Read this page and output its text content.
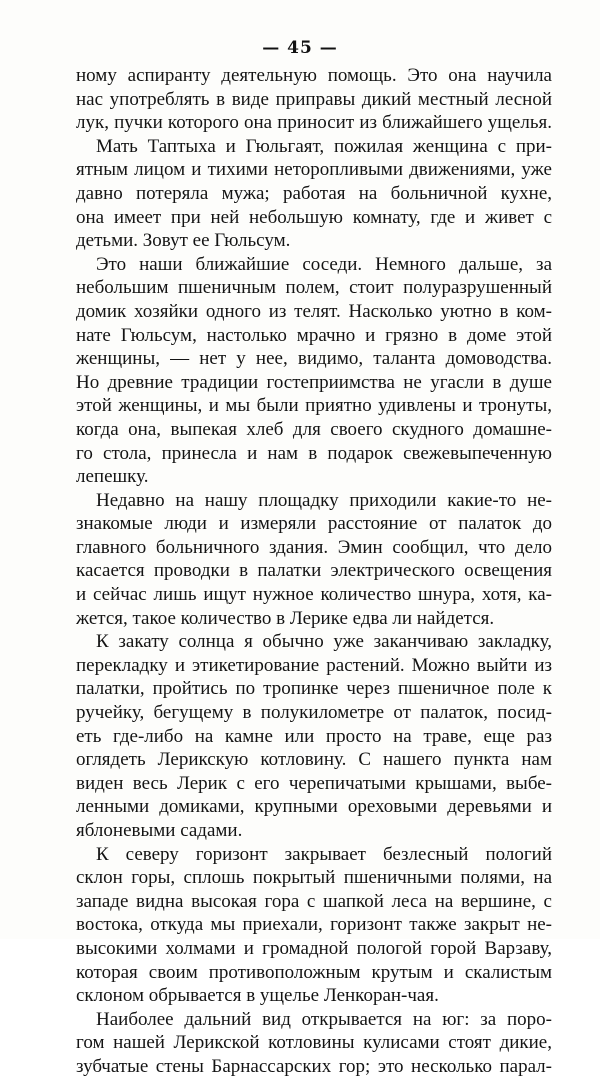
— 45 —
ному аспиранту деятельную помощь. Это она научила
нас употреблять в виде приправы дикий местный лесной
лук, пучки которого она приносит из ближайшего ущелья.
Мать Таптыха и Гюльгаят, пожилая женщина с при-
ятным лицом и тихими неторопливыми движениями, уже
давно потеряла мужа; работая на больничной кухне,
она имеет при ней небольшую комнату, где и живет с
детьми. Зовут ее Гюльсум.
Это наши ближайшие соседи. Немного дальше, за
небольшим пшеничным полем, стоит полуразрушенный
домик хозяйки одного из телят. Насколько уютно в ком-
нате Гюльсум, настолько мрачно и грязно в доме этой
женщины, — нет у нее, видимо, таланта домоводства.
Но древние традиции гостеприимства не угасли в душе
этой женщины, и мы были приятно удивлены и тронуты,
когда она, выпекая хлеб для своего скудного домашне-
го стола, принесла и нам в подарок свежевыпеченную
лепешку.
Недавно на нашу площадку приходили какие-то не-
знакомые люди и измеряли расстояние от палаток до
главного больничного здания. Эмин сообщил, что дело
касается проводки в палатки электрического освещения
и сейчас лишь ищут нужное количество шнура, хотя, ка-
жется, такое количество в Лерике едва ли найдется.
К закату солнца я обычно уже заканчиваю закладку,
перекладку и этикетирование растений. Можно выйти из
палатки, пройтись по тропинке через пшеничное поле к
ручейку, бегущему в полукилометре от палаток, посид-
еть где-либо на камне или просто на траве, еще раз
оглядеть Лерикскую котловину. С нашего пункта нам
виден весь Лерик с его черепичатыми крышами, выбе-
ленными домиками, крупными ореховыми деревьями и
яблоневыми садами.
К северу горизонт закрывает безлесный пологий
склон горы, сплошь покрытый пшеничными полями, на
западе видна высокая гора с шапкой леса на вершине, с
востока, откуда мы приехали, горизонт также закрыт не-
высокими холмами и громадной пологой горой Варзаву,
которая своим противоположным крутым и скалистым
склоном обрывается в ущелье Ленкоран-чая.
Наиболее дальний вид открывается на юг: за поро-
гом нашей Лерикской котловины кулисами стоят дикие,
зубчатые стены Барнассарских гор; это несколько парал-
